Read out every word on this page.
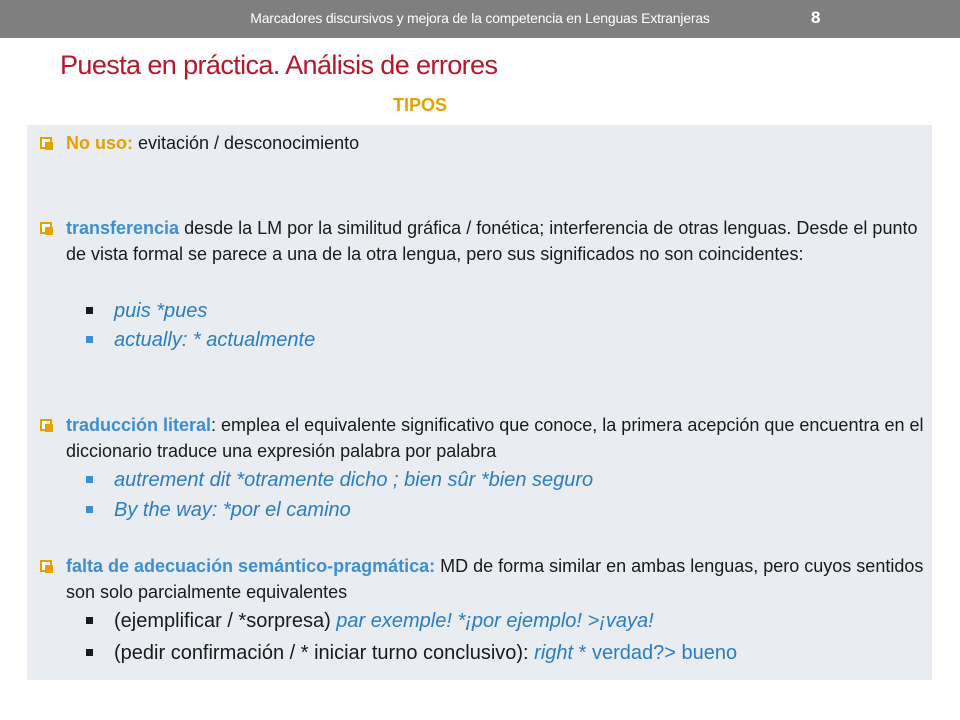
Marcadores discursivos y mejora de la competencia en Lenguas Extranjeras	8
Puesta en práctica. Análisis de errores
TIPOS
No uso: evitación / desconocimiento
transferencia desde la LM por la similitud gráfica / fonética; interferencia de otras lenguas. Desde el punto de vista formal se parece a una de la otra lengua, pero sus significados no son coincidentes:
puis *pues
actually: * actualmente
traducción literal: emplea el equivalente significativo que conoce, la primera acepción que encuentra en el diccionario traduce una expresión palabra por palabra
autrement dit *otramente dicho ; bien sûr *bien seguro
By the way: *por el camino
falta de adecuación semántico-pragmática: MD de forma similar en ambas lenguas, pero cuyos sentidos son solo parcialmente equivalentes
(ejemplificar / *sorpresa) par exemple! *¡por ejemplo! >¡vaya!
(pedir confirmación / * iniciar turno conclusivo): right * verdad?> bueno
